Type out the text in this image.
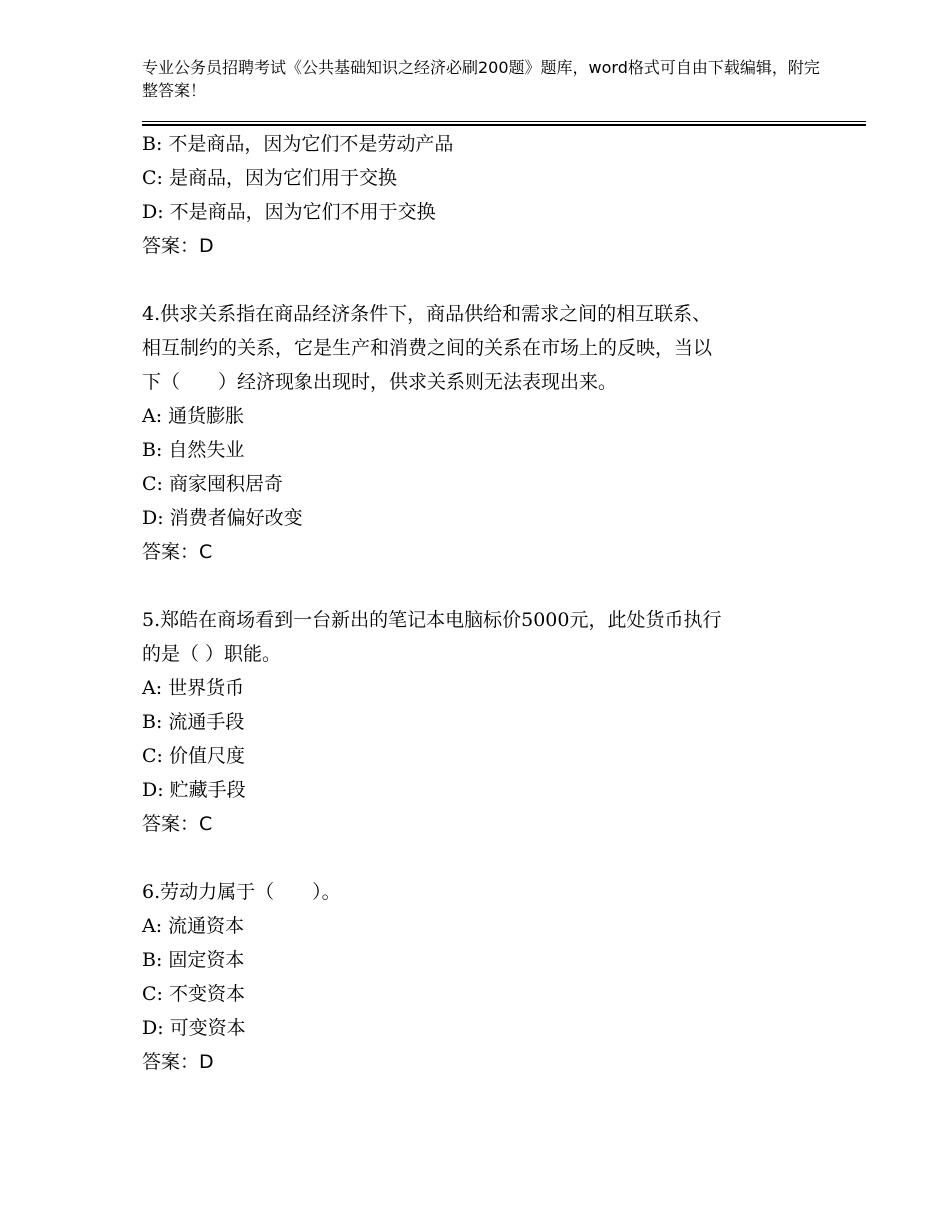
专业公务员招聘考试《公共基础知识之经济必刷200题》题库，word格式可自由下载编辑，附完整答案！
B: 不是商品，因为它们不是劳动产品
C: 是商品，因为它们用于交换
D: 不是商品，因为它们不用于交换
答案：D
4.供求关系指在商品经济条件下，商品供给和需求之间的相互联系、
相互制约的关系，它是生产和消费之间的关系在市场上的反映，当以
下（　　）经济现象出现时，供求关系则无法表现出来。
A: 通货膨胀
B: 自然失业
C: 商家囤积居奇
D: 消费者偏好改变
答案：C
5.郑皓在商场看到一台新出的笔记本电脑标价5000元，此处货币执行
的是（ ）职能。
A: 世界货币
B: 流通手段
C: 价值尺度
D: 贮藏手段
答案：C
6.劳动力属于（　　）。
A: 流通资本
B: 固定资本
C: 不变资本
D: 可变资本
答案：D
